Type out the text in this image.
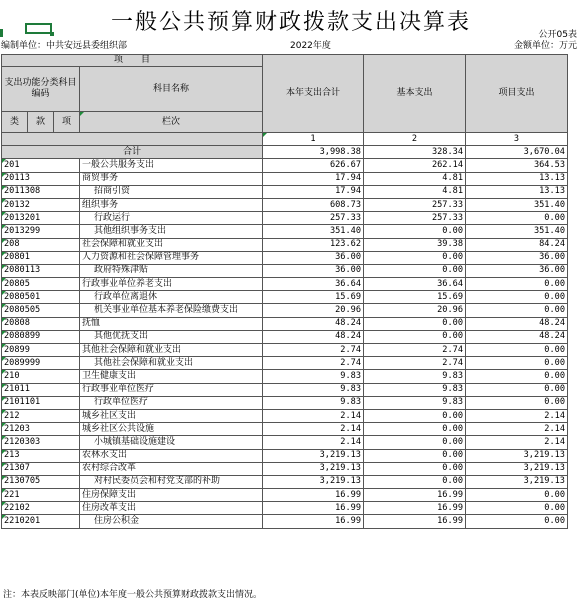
一般公共预算财政拨款支出决算表	公开05表
编制单位：中共安远县委组织部	2022年度	金额单位：万元
项　　目				本年支出合计	基本支出	项目支出
支出功能分类科目编码			科目名称			
类	款	项				
			栏次			
				1	2	3
合计				3,998.38	328.34	3,670.04
201			一般公共服务支出	626.67	262.14	364.53
20113			商贸事务	17.94	4.81	13.13
2011308			招商引资	17.94	4.81	13.13
20132			组织事务	608.73	257.33	351.40
2013201			行政运行	257.33	257.33	0.00
2013299			其他组织事务支出	351.40	0.00	351.40
208			社会保障和就业支出	123.62	39.38	84.24
20801			人力资源和社会保障管理事务	36.00	0.00	36.00
2080113			政府特殊津贴	36.00	0.00	36.00
20805			行政事业单位养老支出	36.64	36.64	0.00
2080501			行政单位离退休	15.69	15.69	0.00
2080505			机关事业单位基本养老保险缴费支出	20.96	20.96	0.00
20808			抚恤	48.24	0.00	48.24
2080899			其他优抚支出	48.24	0.00	48.24
20899			其他社会保障和就业支出	2.74	2.74	0.00
2089999			其他社会保障和就业支出	2.74	2.74	0.00
210			卫生健康支出	9.83	9.83	0.00
21011			行政事业单位医疗	9.83	9.83	0.00
2101101			行政单位医疗	9.83	9.83	0.00
212			城乡社区支出	2.14	0.00	2.14
21203			城乡社区公共设施	2.14	0.00	2.14
2120303			小城镇基础设施建设	2.14	0.00	2.14
213			农林水支出	3,219.13	0.00	3,219.13
21307			农村综合改革	3,219.13	0.00	3,219.13
2130705			对村民委员会和村党支部的补助	3,219.13	0.00	3,219.13
221			住房保障支出	16.99	16.99	0.00
22102			住房改革支出	16.99	16.99	0.00
2210201			住房公积金	16.99	16.99	0.00
注：本表反映部门(单位)本年度一般公共预算财政拨款支出情况。
